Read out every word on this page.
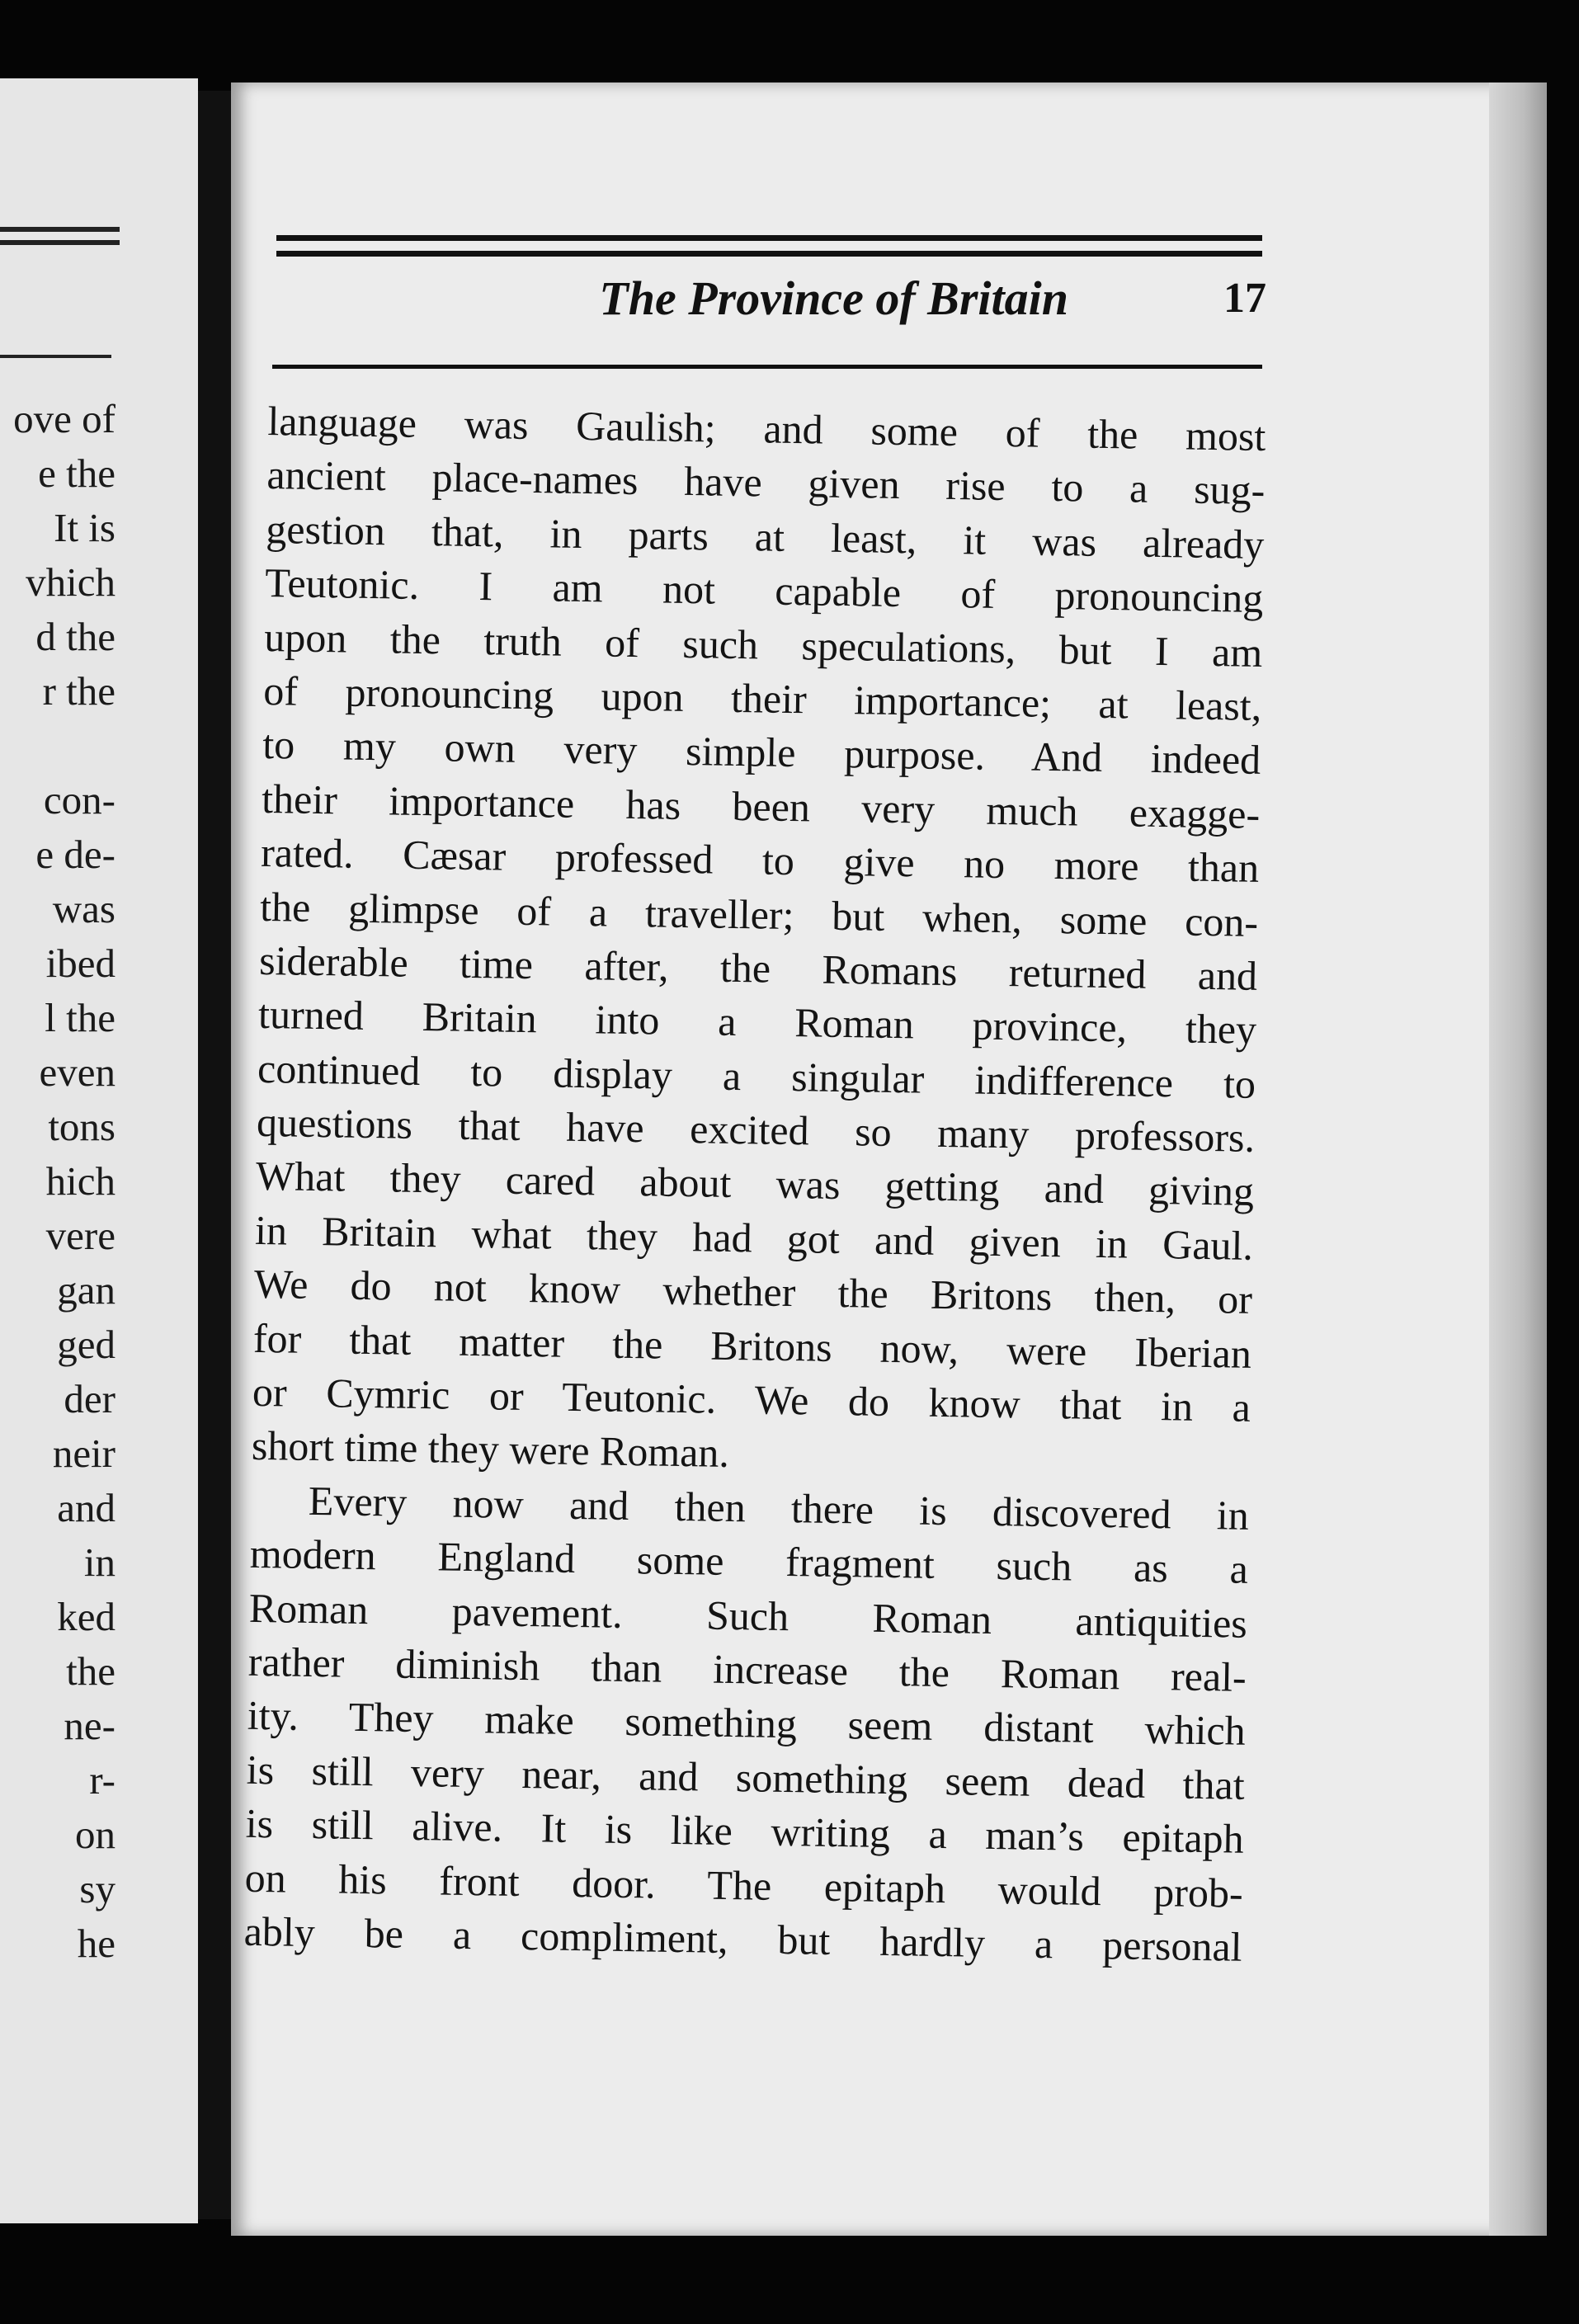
ove of
e the
It is
vhich
d the
r the
con-
e de-
was
ibed
l the
even
tons
hich
vere
gan
ged
der
neir
and
in
ked
the
ne-
r-
on
sy
he
The Province of Britain	17
language was Gaulish; and some of the most
ancient place-names have given rise to a sug-
gestion that, in parts at least, it was already
Teutonic. I am not capable of pronouncing
upon the truth of such speculations, but I am
of pronouncing upon their importance; at least,
to my own very simple purpose. And indeed
their importance has been very much exagge-
rated. Cæsar professed to give no more than
the glimpse of a traveller; but when, some con-
siderable time after, the Romans returned and
turned Britain into a Roman province, they
continued to display a singular indifference to
questions that have excited so many professors.
What they cared about was getting and giving
in Britain what they had got and given in Gaul.
We do not know whether the Britons then, or
for that matter the Britons now, were Iberian
or Cymric or Teutonic. We do know that in a
short time they were Roman.
Every now and then there is discovered in
modern England some fragment such as a
Roman pavement. Such Roman antiquities
rather diminish than increase the Roman real-
ity. They make something seem distant which
is still very near, and something seem dead that
is still alive. It is like writing a man’s epitaph
on his front door. The epitaph would prob-
ably be a compliment, but hardly a personal
